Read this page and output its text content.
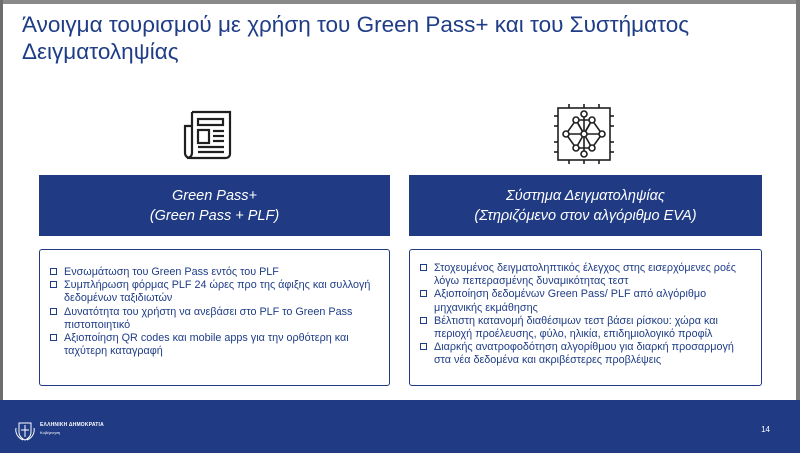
Άνοιγμα τουρισμού με χρήση του Green Pass+ και του Συστήματος Δειγματοληψίας
Green Pass+
(Green Pass + PLF)
Σύστημα Δειγματοληψίας
(Στηριζόμενο στον αλγόριθμο EVA)
Ενσωμάτωση του Green Pass εντός του PLF
Συμπλήρωση φόρμας PLF 24 ώρες προ της άφιξης και συλλογή δεδομένων ταξιδιωτών
Δυνατότητα του χρήστη να ανεβάσει στο PLF το Green Pass πιστοποιητικό
Αξιοποίηση QR codes και mobile apps για την ορθότερη και ταχύτερη καταγραφή
Στοχευμένος δειγματοληπτικός έλεγχος στης εισερχόμενες ροές λόγω πεπερασμένης δυναμικότητας τεστ
Αξιοποίηση δεδομένων Green Pass/ PLF από αλγόριθμο μηχανικής εκμάθησης
Βέλτιστη κατανομή διαθέσιμων τεστ βάσει ρίσκου: χώρα και περιοχή προέλευσης, φύλο, ηλικία, επιδημιολογικό προφίλ
Διαρκής ανατροφοδότηση αλγορίθμου για διαρκή προσαρμογή στα νέα δεδομένα και ακριβέστερες προβλέψεις
ΕΛΛΗΝΙΚΗ ΔΗΜΟΚΡΑΤΙΑ
Κυβέρνηση	14
